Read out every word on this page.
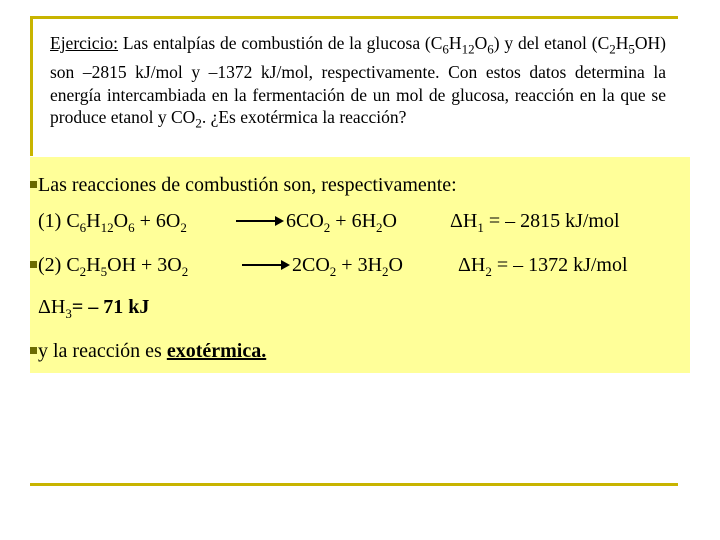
Ejercicio: Las entalpías de combustión de la glucosa $(C_6H_{12}O_6)$ y del etanol $(C_2H_5OH)$ son –2815 kJ/mol y –1372 kJ/mol, respectivamente. Con estos datos determina la energía intercambiada en la fermentación de un mol de glucosa, reacción en la que se produce etanol y $CO_2$. ¿Es exotérmica la reacción?
Las reacciones de combustión son, respectivamente:
(1) $C_6H_{12}O_6 + 6O_2 \to 6CO_2 + 6H_2O$	$\Delta H_1$ = – 2815 kJ/mol
(2) $C_2H_5OH + 3O_2$	→ $2CO_2 + 3H_2O$	$\Delta H_2$ = – 1372 kJ/mol
$\Delta H_3= - 71$ kJ
y la reacción es exotérmica.
